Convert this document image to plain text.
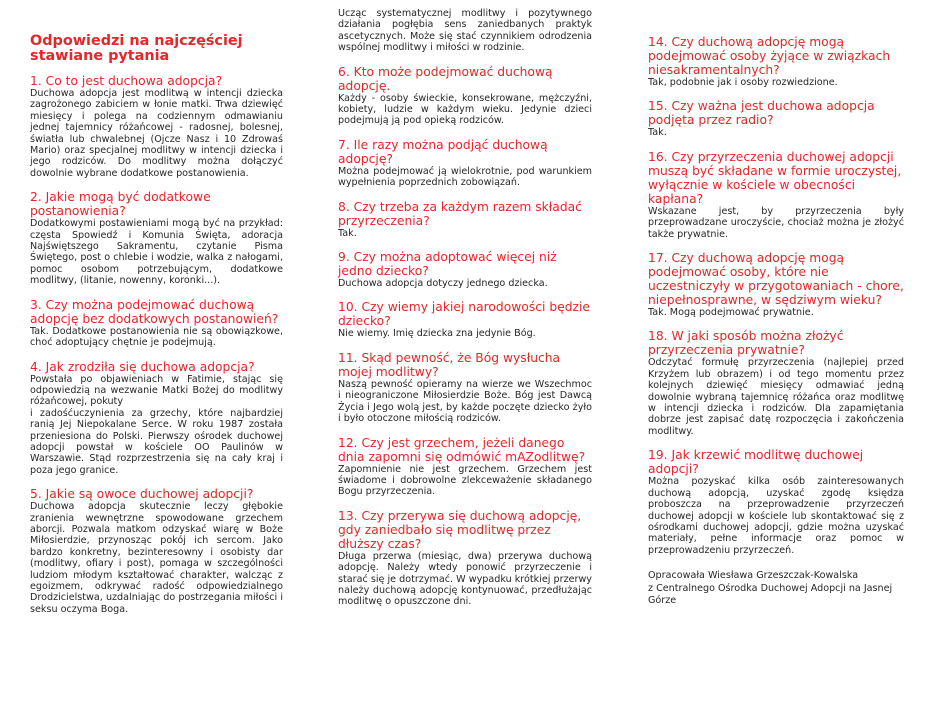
Odpowiedzi na najczęściej stawiane pytania

1. Co to jest duchowa adopcja?

Duchowa adopcja jest modlitwą w intencji dziecka zagrożonego zabiciem w łonie matki. Trwa dziewięć miesięcy i polega na codziennym odmawianiu jednej tajemnicy różańcowej - radosnej, bolesnej, światła lub chwalebnej (Ojcze Nasz i 10 Zdrowaś Mario) oraz specjalnej modlitwy w intencji dziecka i jego rodziców. Do modlitwy można dołączyć dowolnie wybrane dodatkowe postanowienia.

2. Jakie mogą być dodatkowe postanowienia?

Dodatkowymi postawieniami mogą być na przykład: częsta Spowiedź i Komunia Święta, adoracja Najświętszego Sakramentu, czytanie Pisma Świętego, post o chlebie i wodzie, walka z nałogami, pomoc osobom potrzebującym, dodatkowe modlitwy, (litanie, nowenny, koronki...).

3. Czy można podejmować duchową adopcję bez dodatkowych postanowień?

Tak. Dodatkowe postanowienia nie są obowiązkowe, choć adoptujący chętnie je podejmują.

4. Jak zrodziła się duchowa adopcja?

Powstała po objawieniach w Fatimie, stając się odpowiedzią na wezwanie Matki Bożej do modlitwy różańcowej, pokuty
i zadośćuczynienia za grzechy, które najbardziej ranią Jej Niepokalane Serce. W roku 1987 została przeniesiona do Polski. Pierwszy ośrodek duchowej adopcji powstał w kościele OO Paulinów w Warszawie. Stąd rozprzestrzenia się na cały kraj i poza jego granice.

5. Jakie są owoce duchowej adopcji?

Duchowa adopcja skutecznie leczy głębokie zranienia wewnętrzne spowodowane grzechem aborcji. Pozwala matkom odzyskać wiarę w Boże Miłosierdzie, przynosząc pokój ich sercom. Jako bardzo konkretny, bezinteresowny i osobisty dar (modlitwy, ofiary i post), pomaga w szczególności ludziom młodym kształtować charakter, walcząc z egoizmem, odkrywać radość odpowiedzialnego Drodzicielstwa, uzdalniając do postrzegania miłości i seksu oczyma Boga.

Ucząc systematycznej modlitwy i pozytywnego działania pogłębia sens zaniedbanych praktyk ascetycznych. Może się stać czynnikiem odrodzenia wspólnej modlitwy i miłości w rodzinie.

6. Kto może podejmować duchową adopcję.

Każdy - osoby świeckie, konsekrowane, mężczyźni, kobiety, ludzie w każdym wieku. Jedynie dzieci podejmują ją pod opieką rodziców.

7. Ile razy można podjąć duchową adopcję?

Można podejmować ją wielokrotnie, pod warunkiem wypełnienia poprzednich zobowiązań.

8. Czy trzeba za każdym razem składać przyrzeczenia?

Tak.

9. Czy można adoptować więcej niż jedno dziecko?

Duchowa adopcja dotyczy jednego dziecka.

10. Czy wiemy jakiej narodowości będzie dziecko?

Nie wiemy. Imię dziecka zna jedynie Bóg.

11. Skąd pewność, że Bóg wysłucha mojej modlitwy?

Naszą pewność opieramy na wierze we Wszechmoc i nieograniczone Miłosierdzie Boże. Bóg jest Dawcą Życia i Jego wolą jest, by każde poczęte dziecko żyło i było otoczone miłością rodziców.

12. Czy jest grzechem, jeżeli danego dnia zapomni się odmówić mAZodlitwę?

Zapomnienie nie jest grzechem. Grzechem jest świadome i dobrowolne zlekceważenie składanego Bogu przyrzeczenia.

13. Czy przerywa się duchową adopcję, gdy zaniedbało się modlitwę przez dłuższy czas?

Długa przerwa (miesiąc, dwa) przerywa duchową adopcję. Należy wtedy ponowić przyrzeczenie i starać się je dotrzymać. W wypadku krótkiej przerwy należy duchową adopcję kontynuować, przedłużając modlitwę o opuszczone dni.

14. Czy duchową adopcję mogą podejmować osoby żyjące w związkach niesakramentalnych?

Tak, podobnie jak i osoby rozwiedzione.

15. Czy ważna jest duchowa adopcja podjęta przez radio?

Tak.

16. Czy przyrzeczenia duchowej adopcji muszą być składane w formie uroczystej, wyłącznie w kościele w obecności kapłana?

Wskazane jest, by przyrzeczenia były przeprowadzane uroczyście, chociaż można je złożyć także prywatnie.

17. Czy duchową adopcję mogą podejmować osoby, które nie uczestniczyły w przygotowaniach - chore, niepełnosprawne, w sędziwym wieku?

Tak. Mogą podejmować prywatnie.

18. W jaki sposób można złożyć przyrzeczenia prywatnie?

Odczytać formułę przyrzeczenia (najlepiej przed Krzyżem lub obrazem) i od tego momentu przez kolejnych dziewięć miesięcy odmawiać jedną dowolnie wybraną tajemnicę różańca oraz modlitwę w intencji dziecka i rodziców. Dla zapamiętania dobrze jest zapisać datę rozpoczęcia i zakończenia modlitwy.

19. Jak krzewić modlitwę duchowej adopcji?

Można pozyskać kilka osób zainteresowanych duchową adopcją, uzyskać zgodę księdza proboszcza na przeprowadzenie przyrzeczeń duchowej adopcji w kościele lub skontaktować się z ośrodkami duchowej adopcji, gdzie można uzyskać materiały, pełne informacje oraz pomoc w przeprowadzeniu przyrzeczeń.

Opracowała Wiesława Grzeszczak-Kowalska
z Centralnego Ośrodka Duchowej Adopcji na Jasnej Górze
